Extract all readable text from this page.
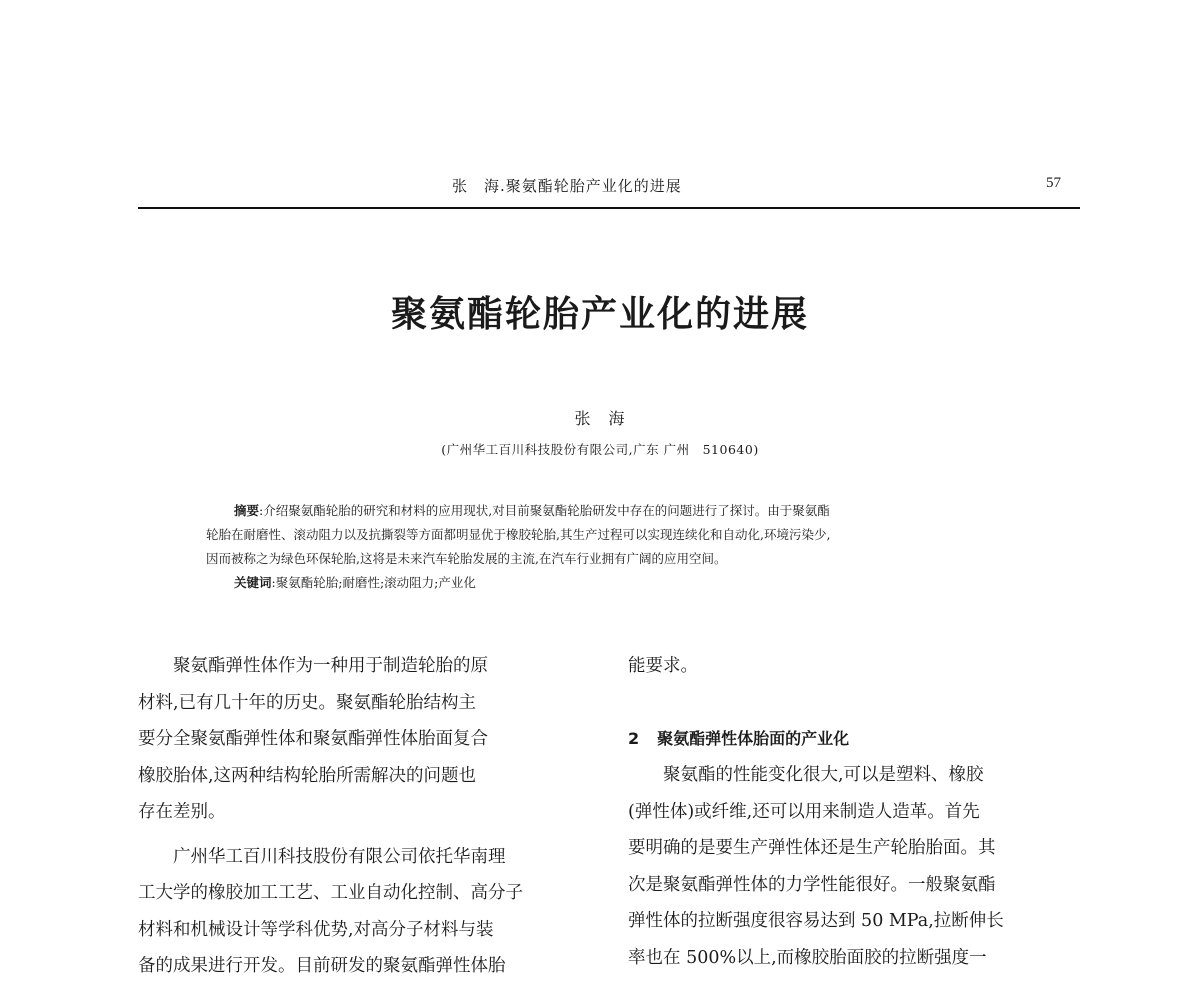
张　海.聚氨酯轮胎产业化的进展	57
聚氨酯轮胎产业化的进展
张　海
(广州华工百川科技股份有限公司,广东 广州　510640)
摘要:介绍聚氨酯轮胎的研究和材料的应用现状,对目前聚氨酯轮胎研发中存在的问题进行了探讨。由于聚氨酯
轮胎在耐磨性、滚动阻力以及抗撕裂等方面都明显优于橡胶轮胎,其生产过程可以实现连续化和自动化,环境污染少,
因而被称之为绿色环保轮胎,这将是未来汽车轮胎发展的主流,在汽车行业拥有广阔的应用空间。
关键词:聚氨酯轮胎;耐磨性;滚动阻力;产业化
　　聚氨酯弹性体作为一种用于制造轮胎的原
材料,已有几十年的历史。聚氨酯轮胎结构主
要分全聚氨酯弹性体和聚氨酯弹性体胎面复合
橡胶胎体,这两种结构轮胎所需解决的问题也
存在差别。
　　广州华工百川科技股份有限公司依托华南理
工大学的橡胶加工工艺、工业自动化控制、高分子
材料和机械设计等学科优势,对高分子材料与装
备的成果进行开发。目前研发的聚氨酯弹性体胎
能要求。
2 聚氨酯弹性体胎面的产业化
　　聚氨酯的性能变化很大,可以是塑料、橡胶
(弹性体)或纤维,还可以用来制造人造革。首先
要明确的是要生产弹性体还是生产轮胎胎面。其
次是聚氨酯弹性体的力学性能很好。一般聚氨酯
弹性体的拉断强度很容易达到 50 MPa,拉断伸长
率也在 500%以上,而橡胶胎面胶的拉断强度一
